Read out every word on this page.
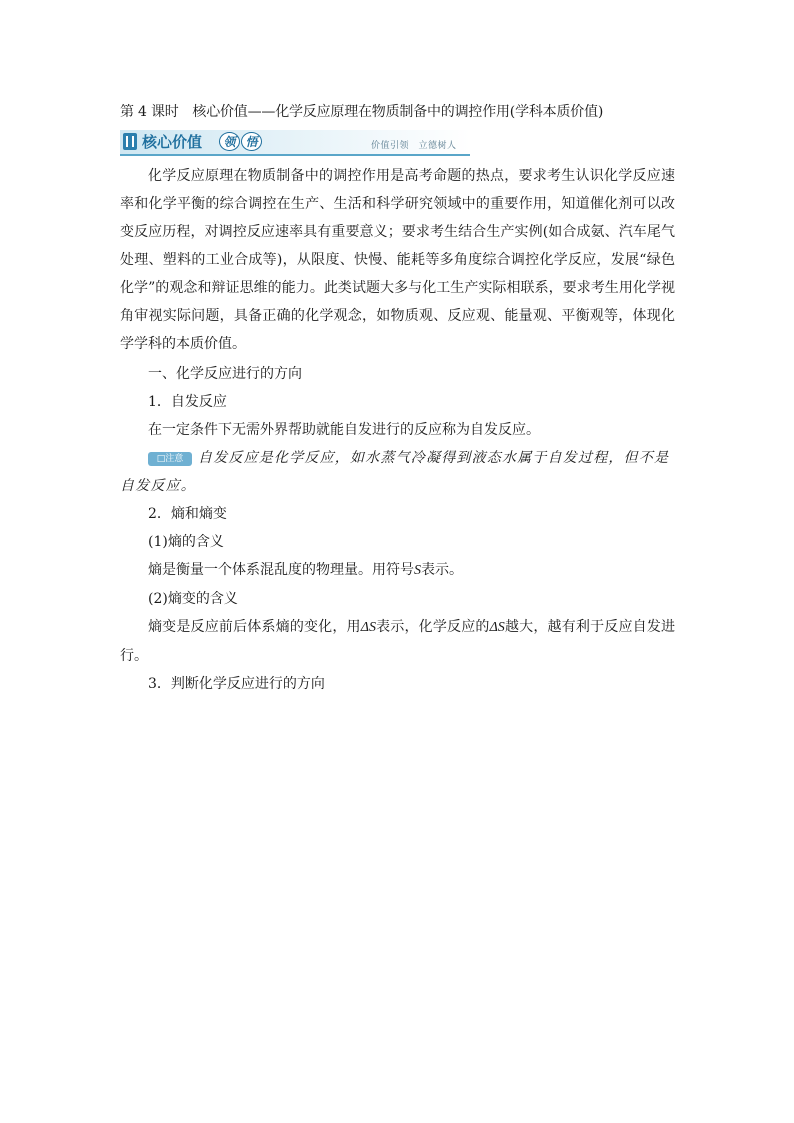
第 4 课时　核心价值——化学反应原理在物质制备中的调控作用(学科本质价值)
核心价值	领 悟	价值引领　立德树人

化学反应原理在物质制备中的调控作用是高考命题的热点，要求考生认识化学反应速率和化学平衡的综合调控在生产、生活和科学研究领域中的重要作用，知道催化剂可以改变反应历程，对调控反应速率具有重要意义；要求考生结合生产实例(如合成氨、汽车尾气处理、塑料的工业合成等)，从限度、快慢、能耗等多角度综合调控化学反应，发展“绿色化学”的观念和辩证思维的能力。此类试题大多与化工生产实际相联系，要求考生用化学视角审视实际问题，具备正确的化学观念，如物质观、反应观、能量观、平衡观等，体现化学学科的本质价值。

一、化学反应进行的方向

1．自发反应

在一定条件下无需外界帮助就能自发进行的反应称为自发反应。

□注意 自发反应是化学反应，如水蒸气冷凝得到液态水属于自发过程，但不是自发反应。

2．熵和熵变

(1)熵的含义

熵是衡量一个体系混乱度的物理量。用符号S表示。

(2)熵变的含义

熵变是反应前后体系熵的变化，用ΔS表示，化学反应的ΔS越大，越有利于反应自发进行。

3．判断化学反应进行的方向
